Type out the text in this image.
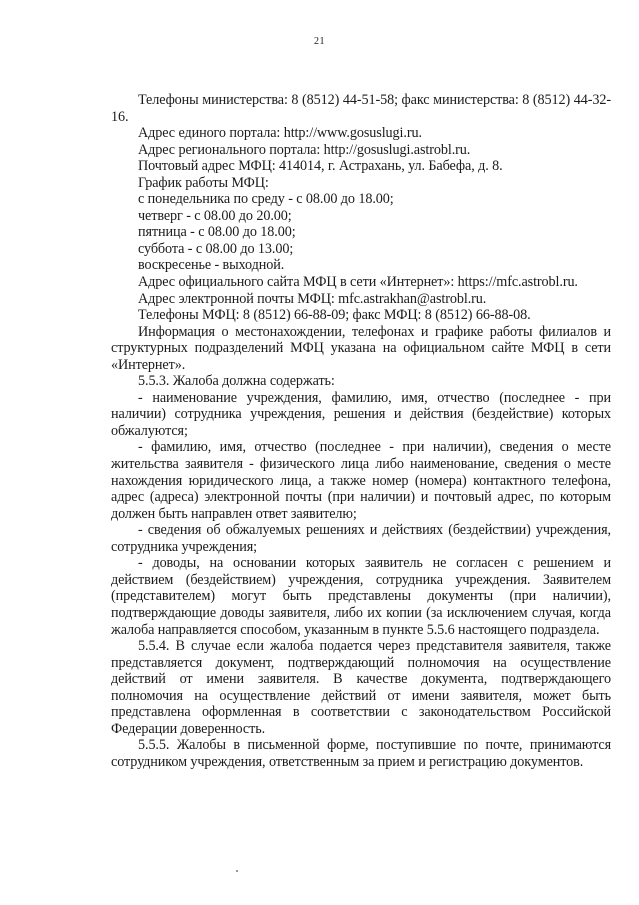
21

Телефоны министерства: 8 (8512) 44-51-58; факс министерства: 8 (8512) 44-32-16.

Адрес единого портала: http://www.gosuslugi.ru.

Адрес регионального портала: http://gosuslugi.astrobl.ru.

Почтовый адрес МФЦ: 414014, г. Астрахань, ул. Бабефа, д. 8.

График работы МФЦ:

с понедельника по среду - с 08.00 до 18.00;

четверг - с 08.00 до 20.00;

пятница - с 08.00 до 18.00;

суббота - с 08.00 до 13.00;

воскресенье - выходной.

Адрес официального сайта МФЦ в сети «Интернет»: https://mfc.astrobl.ru.

Адрес электронной почты МФЦ: mfc.astrakhan@astrobl.ru.

Телефоны МФЦ: 8 (8512) 66-88-09; факс МФЦ: 8 (8512) 66-88-08.

Информация о местонахождении, телефонах и графике работы филиалов и структурных подразделений МФЦ указана на официальном сайте МФЦ в сети «Интернет».

5.5.3. Жалоба должна содержать:

- наименование учреждения, фамилию, имя, отчество (последнее - при наличии) сотрудника учреждения, решения и действия (бездействие) которых обжалуются;

- фамилию, имя, отчество (последнее - при наличии), сведения о месте жительства заявителя - физического лица либо наименование, сведения о месте нахождения юридического лица, а также номер (номера) контактного телефона, адрес (адреса) электронной почты (при наличии) и почтовый адрес, по которым должен быть направлен ответ заявителю;

- сведения об обжалуемых решениях и действиях (бездействии) учреждения, сотрудника учреждения;

- доводы, на основании которых заявитель не согласен с решением и действием (бездействием) учреждения, сотрудника учреждения. Заявителем (представителем) могут быть представлены документы (при наличии), подтверждающие доводы заявителя, либо их копии (за исключением случая, когда жалоба направляется способом, указанным в пункте 5.5.6 настоящего подраздела.

5.5.4. В случае если жалоба подается через представителя заявителя, также представляется документ, подтверждающий полномочия на осуществление действий от имени заявителя. В качестве документа, подтверждающего полномочия на осуществление действий от имени заявителя, может быть представлена оформленная в соответствии с законодательством Российской Федерации доверенность.

5.5.5. Жалобы в письменной форме, поступившие по почте, принимаются сотрудником учреждения, ответственным за прием и регистрацию документов.
